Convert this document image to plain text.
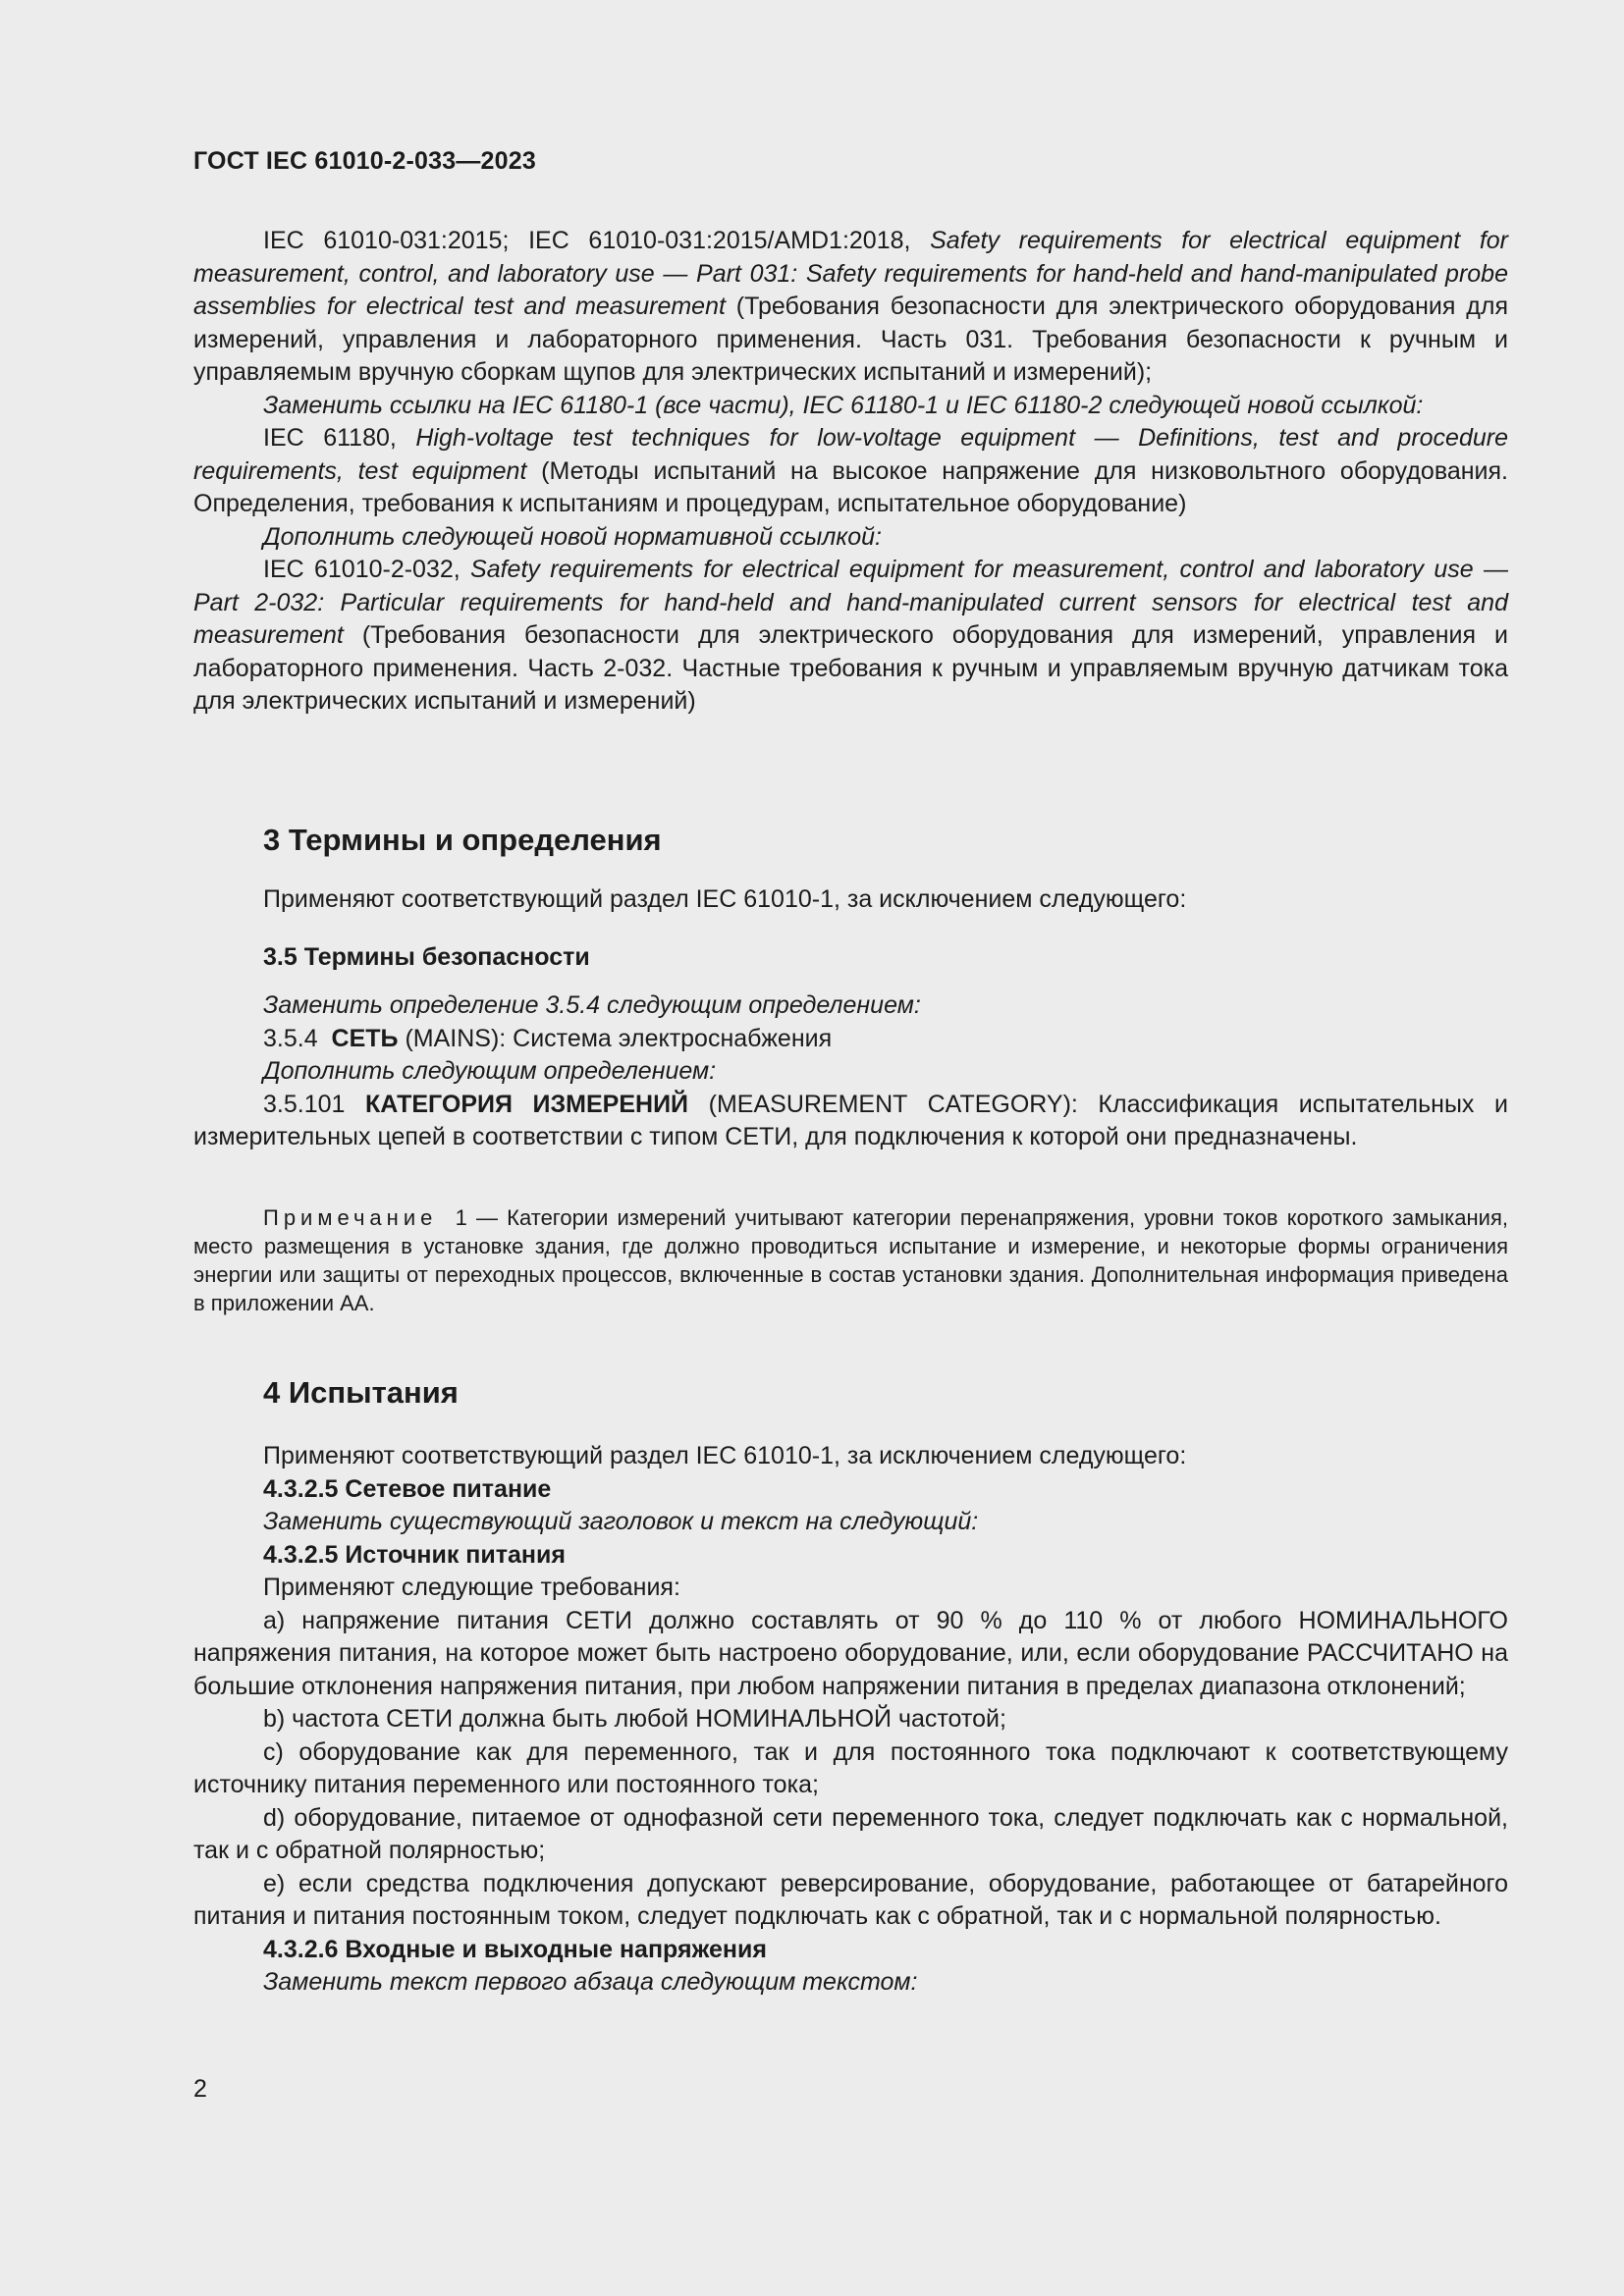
ГОСТ IEC 61010-2-033—2023

IEC 61010-031:2015; IEC 61010-031:2015/AMD1:2018, Safety requirements for electrical equipment for measurement, control, and laboratory use — Part 031: Safety requirements for hand-held and hand-manipulated probe assemblies for electrical test and measurement (Требования безопасности для электрического оборудования для измерений, управления и лабораторного применения. Часть 031. Требования безопасности к ручным и управляемым вручную сборкам щупов для электрических испытаний и измерений);

Заменить ссылки на IEC 61180-1 (все части), IEC 61180-1 и IEC 61180-2 следующей новой ссылкой:

IEC 61180, High-voltage test techniques for low-voltage equipment — Definitions, test and procedure requirements, test equipment (Методы испытаний на высокое напряжение для низковольтного оборудования. Определения, требования к испытаниям и процедурам, испытательное оборудование)

Дополнить следующей новой нормативной ссылкой:

IEC 61010-2-032, Safety requirements for electrical equipment for measurement, control and laboratory use — Part 2-032: Particular requirements for hand-held and hand-manipulated current sensors for electrical test and measurement (Требования безопасности для электрического оборудования для измерений, управления и лабораторного применения. Часть 2-032. Частные требования к ручным и управляемым вручную датчикам тока для электрических испытаний и измерений)

3 Термины и определения

Применяют соответствующий раздел IEC 61010-1, за исключением следующего:

3.5 Термины безопасности

Заменить определение 3.5.4 следующим определением:

3.5.4 СЕТЬ (MAINS): Система электроснабжения

Дополнить следующим определением:

3.5.101 КАТЕГОРИЯ ИЗМЕРЕНИЙ (MEASUREMENT CATEGORY): Классификация испытательных и измерительных цепей в соответствии с типом СЕТИ, для подключения к которой они предназначены.

Примечание 1 — Категории измерений учитывают категории перенапряжения, уровни токов короткого замыкания, место размещения в установке здания, где должно проводиться испытание и измерение, и некоторые формы ограничения энергии или защиты от переходных процессов, включенные в состав установки здания. Дополнительная информация приведена в приложении АА.

4 Испытания

Применяют соответствующий раздел IEC 61010-1, за исключением следующего:

4.3.2.5 Сетевое питание

Заменить существующий заголовок и текст на следующий:

4.3.2.5 Источник питания

Применяют следующие требования:

a) напряжение питания СЕТИ должно составлять от 90 % до 110 % от любого НОМИНАЛЬНОГО напряжения питания, на которое может быть настроено оборудование, или, если оборудование РАССЧИТАНО на большие отклонения напряжения питания, при любом напряжении питания в пределах диапазона отклонений;

b) частота СЕТИ должна быть любой НОМИНАЛЬНОЙ частотой;

c) оборудование как для переменного, так и для постоянного тока подключают к соответствующему источнику питания переменного или постоянного тока;

d) оборудование, питаемое от однофазной сети переменного тока, следует подключать как с нормальной, так и с обратной полярностью;

e) если средства подключения допускают реверсирование, оборудование, работающее от батарейного питания и питания постоянным током, следует подключать как с обратной, так и с нормальной полярностью.

4.3.2.6 Входные и выходные напряжения

Заменить текст первого абзаца следующим текстом:

2
